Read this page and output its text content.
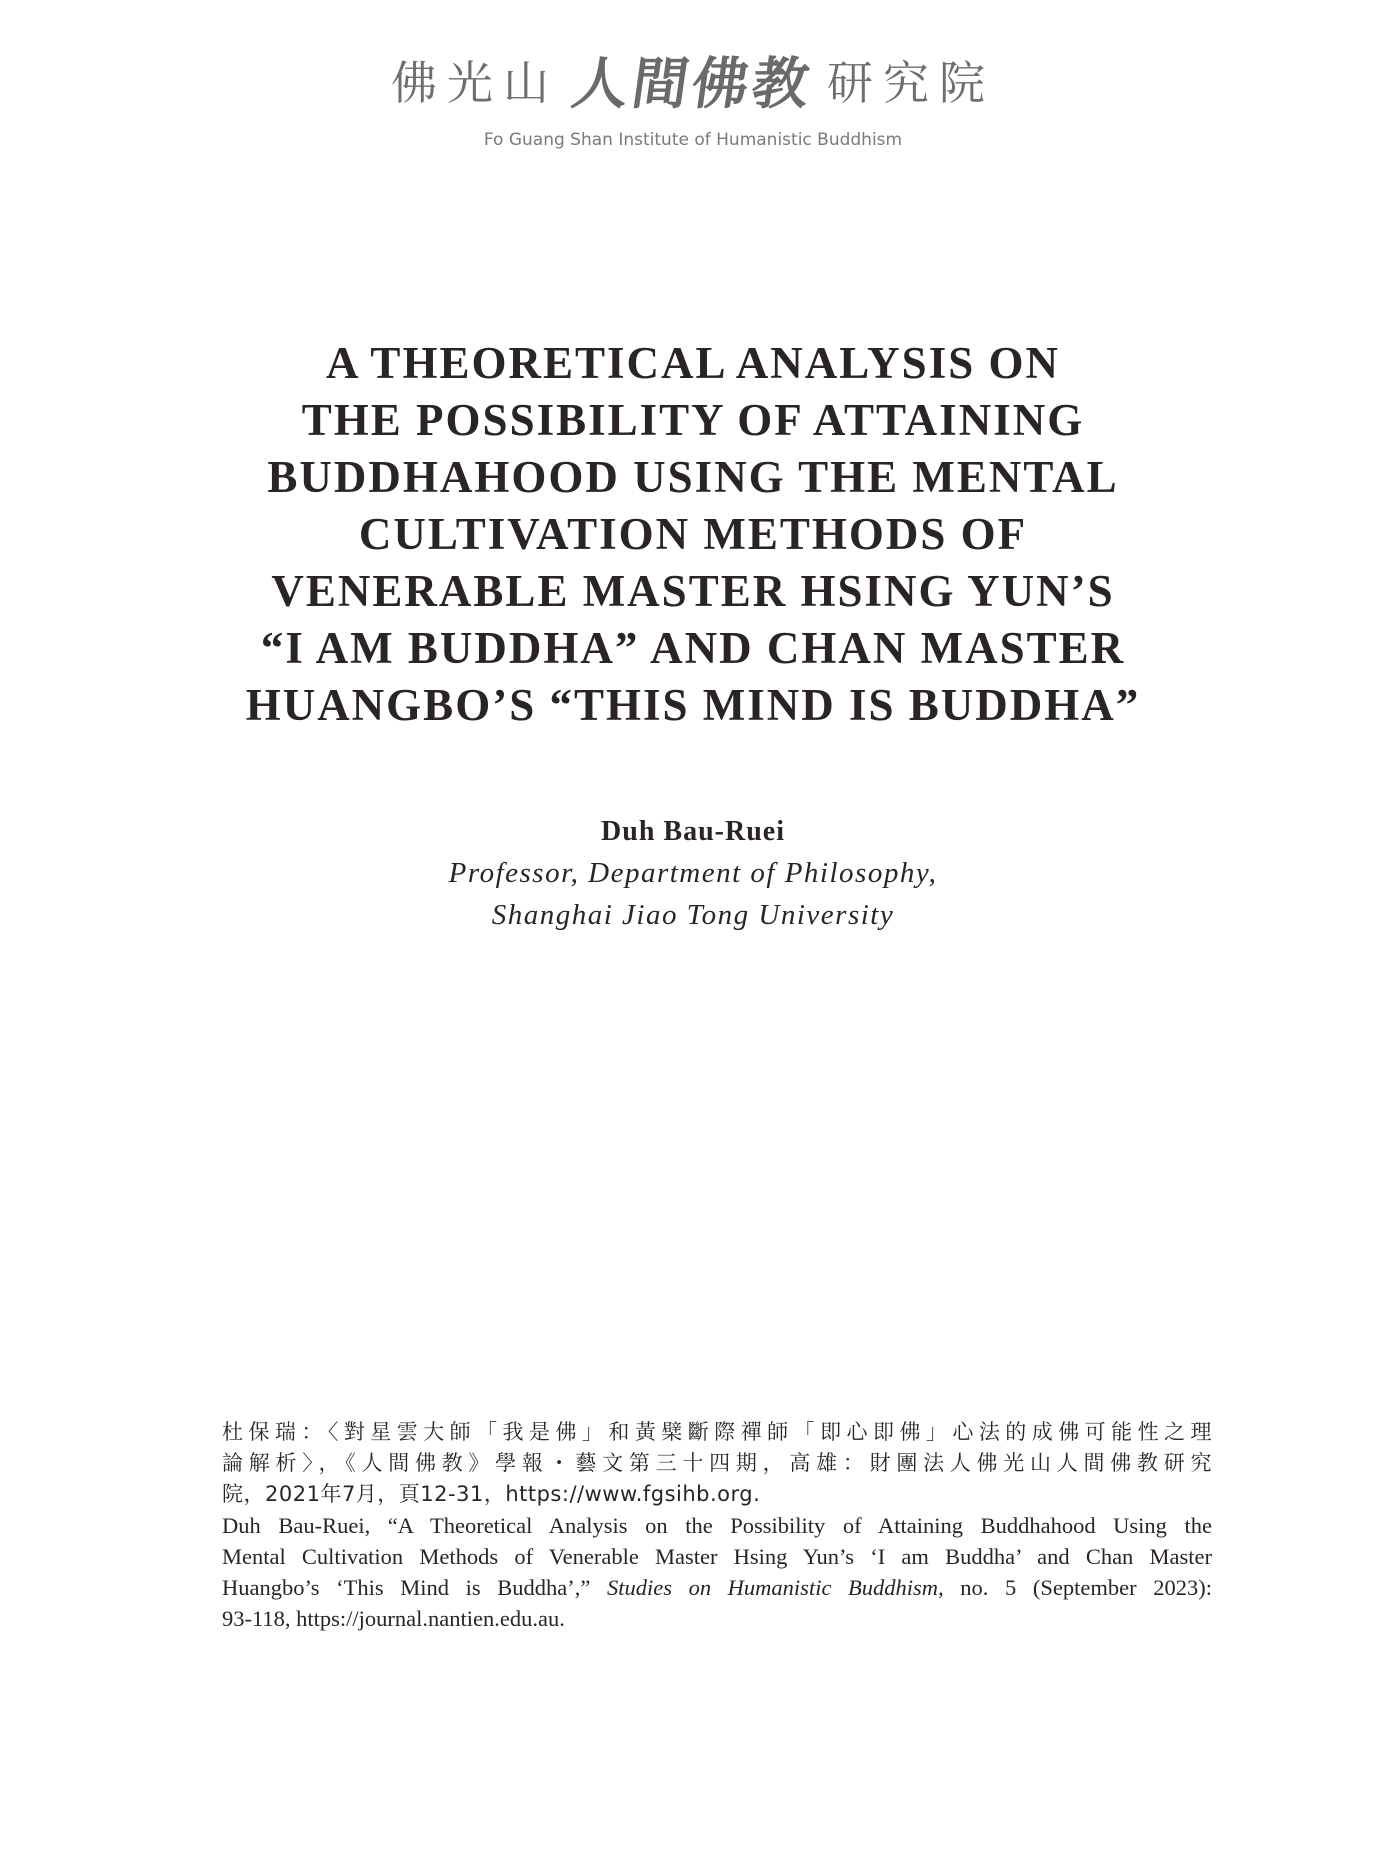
佛光山 人間佛教 研究院
Fo Guang Shan Institute of Humanistic Buddhism
A THEORETICAL ANALYSIS ON
THE POSSIBILITY OF ATTAINING
BUDDHAHOOD USING THE MENTAL
CULTIVATION METHODS OF
VENERABLE MASTER HSING YUN’S
“I AM BUDDHA” AND CHAN MASTER
HUANGBO’S “THIS MIND IS BUDDHA”
Duh Bau-Ruei
Professor, Department of Philosophy,
Shanghai Jiao Tong University
杜保瑞：〈對星雲大師「我是佛」和黃檗斷際禪師「即心即佛」心法的成佛可能性之理
論解析〉，《人間佛教》學報・藝文第三十四期，高雄：財團法人佛光山人間佛教研究
院，2021年7月，頁12-31，https://www.fgsihb.org.
Duh Bau-Ruei, “A Theoretical Analysis on the Possibility of Attaining Buddhahood Using the
Mental Cultivation Methods of Venerable Master Hsing Yun’s ‘I am Buddha’ and Chan Master
Huangbo’s ‘This Mind is Buddha’,” Studies on Humanistic Buddhism, no. 5 (September 2023):
93-118, https://journal.nantien.edu.au.
